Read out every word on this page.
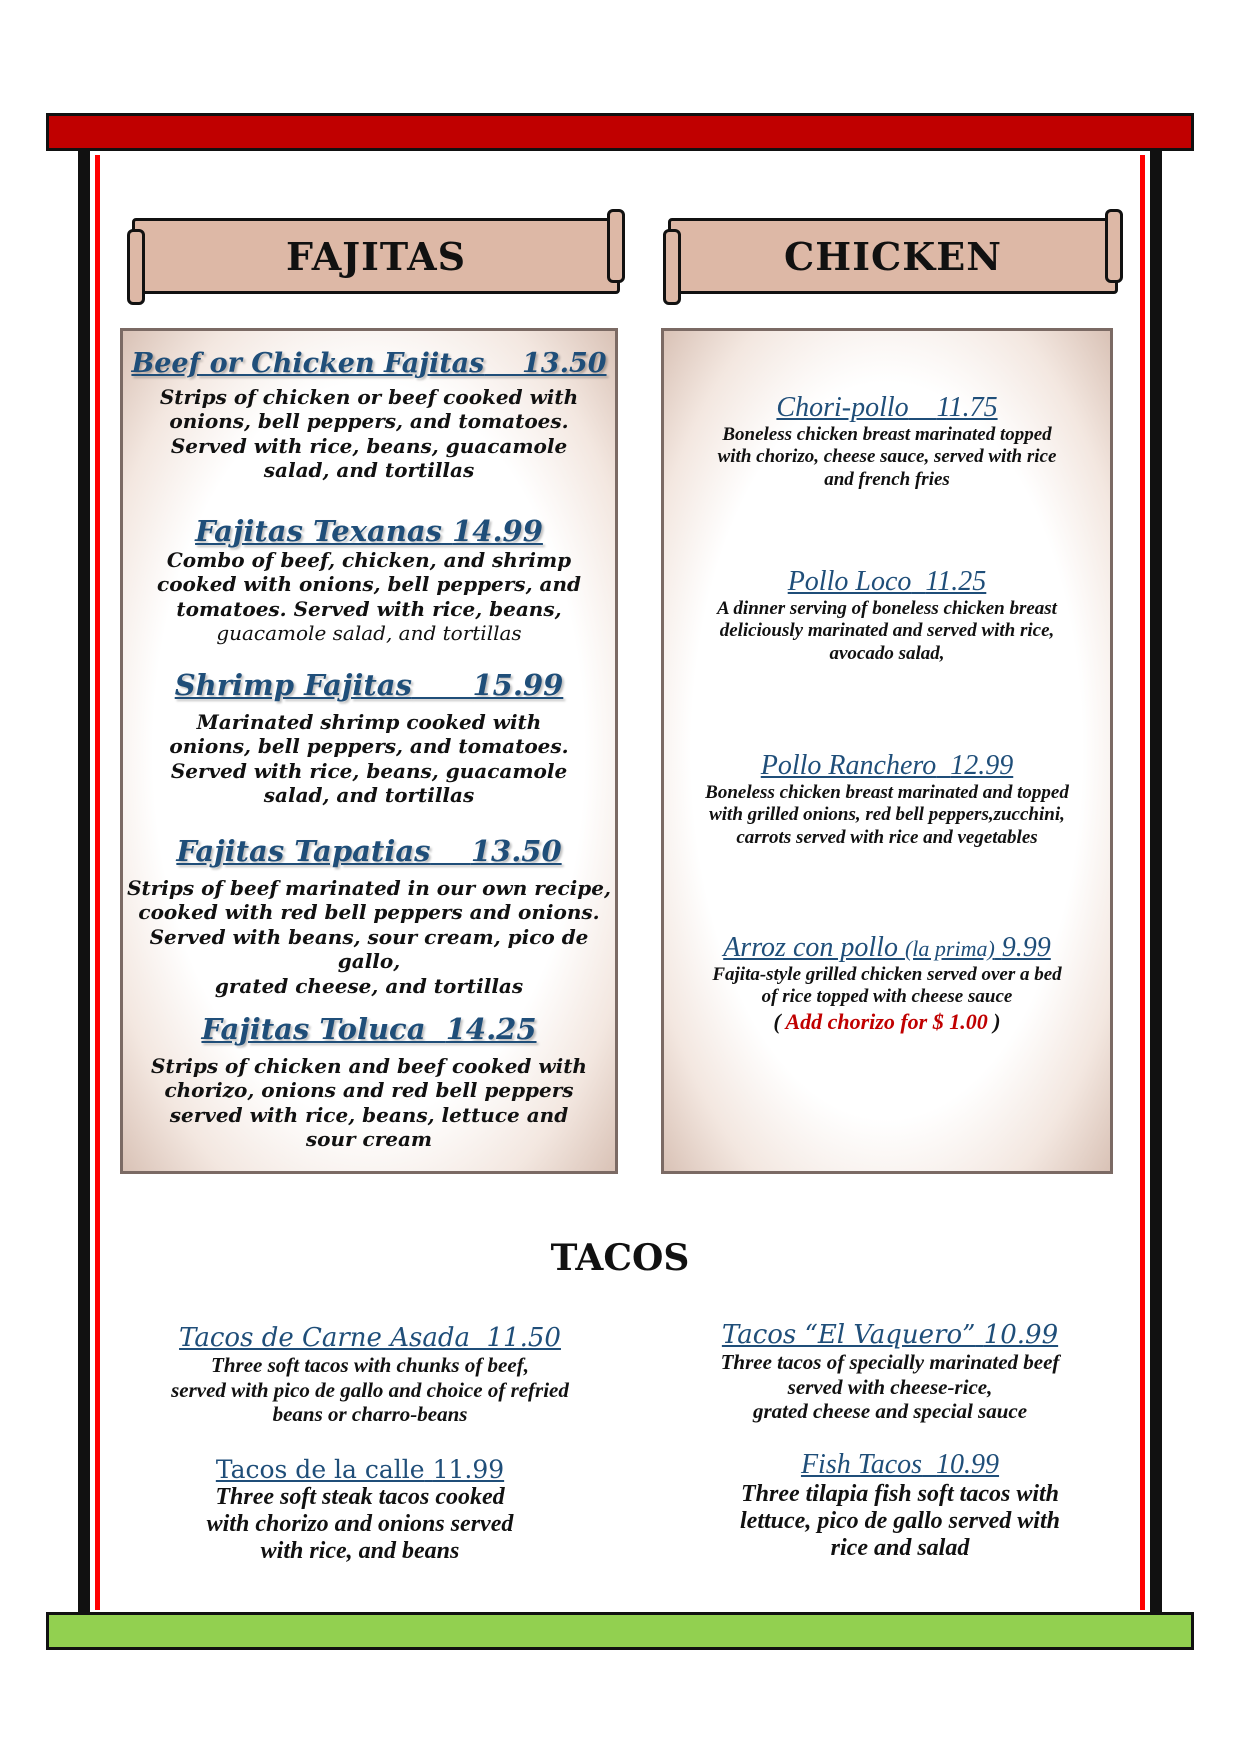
FAJITAS	CHICKEN
Beef or Chicken Fajitas 13.50
Strips of chicken or beef cooked with
onions, bell peppers, and tomatoes.
Served with rice, beans, guacamole
salad, and tortillas
Fajitas Texanas 14.99
Combo of beef, chicken, and shrimp
cooked with onions, bell peppers, and
tomatoes. Served with rice, beans,
guacamole salad, and tortillas
Shrimp Fajitas 15.99
Marinated shrimp cooked with
onions, bell peppers, and tomatoes.
Served with rice, beans, guacamole
salad, and tortillas
Fajitas Tapatias 13.50
Strips of beef marinated in our own recipe,
cooked with red bell peppers and onions.
Served with beans, sour cream, pico de gallo,
grated cheese, and tortillas
Fajitas Toluca 14.25
Strips of chicken and beef cooked with
chorizo, onions and red bell peppers
served with rice, beans, lettuce and
sour cream
Chori-pollo 11.75
Boneless chicken breast marinated topped
with chorizo, cheese sauce, served with rice
and french fries
Pollo Loco 11.25
A dinner serving of boneless chicken breast
deliciously marinated and served with rice,
avocado salad,
Pollo Ranchero 12.99
Boneless chicken breast marinated and topped
with grilled onions, red bell peppers,zucchini,
carrots served with rice and vegetables
Arroz con pollo (la prima) 9.99
Fajita-style grilled chicken served over a bed
of rice topped with cheese sauce
( Add chorizo for $ 1.00 )
TACOS
Tacos de Carne Asada 11.50
Three soft tacos with chunks of beef,
served with pico de gallo and choice of refried
beans or charro-beans
Tacos “El Vaquero” 10.99
Three tacos of specially marinated beef
served with cheese-rice,
grated cheese and special sauce
Tacos de la calle 11.99
Three soft steak tacos cooked
with chorizo and onions served
with rice, and beans
Fish Tacos 10.99
Three tilapia fish soft tacos with
lettuce, pico de gallo served with
rice and salad
